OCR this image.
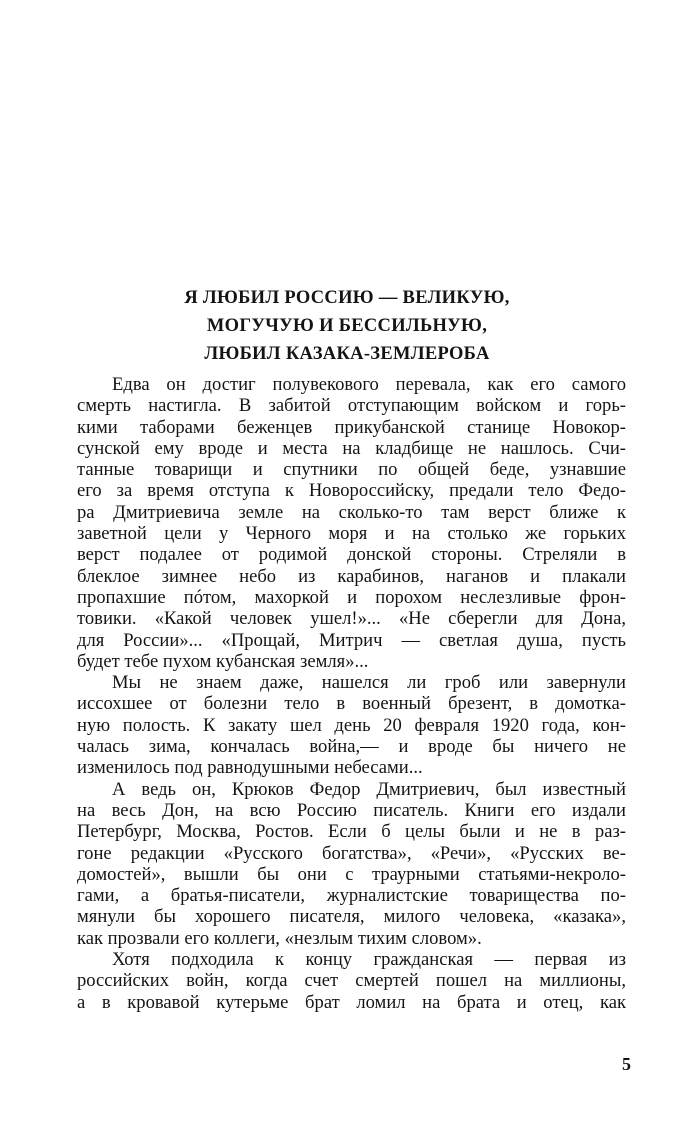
Я ЛЮБИЛ РОССИЮ — ВЕЛИКУЮ,
МОГУЧУЮ И БЕССИЛЬНУЮ,
ЛЮБИЛ КАЗАКА-ЗЕМЛЕРОБА
Едва он достиг полувекового перевала, как его самого
смерть настигла. В забитой отступающим войском и горь-
кими таборами беженцев прикубанской станице Новокор-
сунской ему вроде и места на кладбище не нашлось. Счи-
танные товарищи и спутники по общей беде, узнавшие
его за время отступа к Новороссийску, предали тело Федо-
ра Дмитриевича земле на сколько-то там верст ближе к
заветной цели у Черного моря и на столько же горьких
верст подалее от родимой донской стороны. Стреляли в
блеклое зимнее небо из карабинов, наганов и плакали
пропахшие пóтом, махоркой и порохом неслезливые фрон-
товики. «Какой человек ушел!»... «Не сберегли для Дона,
для России»... «Прощай, Митрич — светлая душа, пусть
будет тебе пухом кубанская земля»...
Мы не знаем даже, нашелся ли гроб или завернули
иссохшее от болезни тело в военный брезент, в домоткa-
ную полость. К закату шел день 20 февраля 1920 года, кон-
чалась зима, кончалась война,— и вроде бы ничего не
изменилось под равнодушными небесами...
А ведь он, Крюков Федор Дмитриевич, был известный
на весь Дон, на всю Россию писатель. Книги его издали
Петербург, Москва, Ростов. Если б целы были и не в раз-
гоне редакции «Русского богатства», «Речи», «Русских ве-
домостей», вышли бы они с траурными статьями-некроло-
гами, а братья-писатели, журналистские товарищества по-
мянули бы хорошего писателя, милого человека, «казака»,
как прозвали его коллеги, «незлым тихим словом».
Хотя подходила к концу гражданская — первая из
российских войн, когда счет смертей пошел на миллионы,
а в кровавой кутерьме брат ломил на брата и отец, как
5
